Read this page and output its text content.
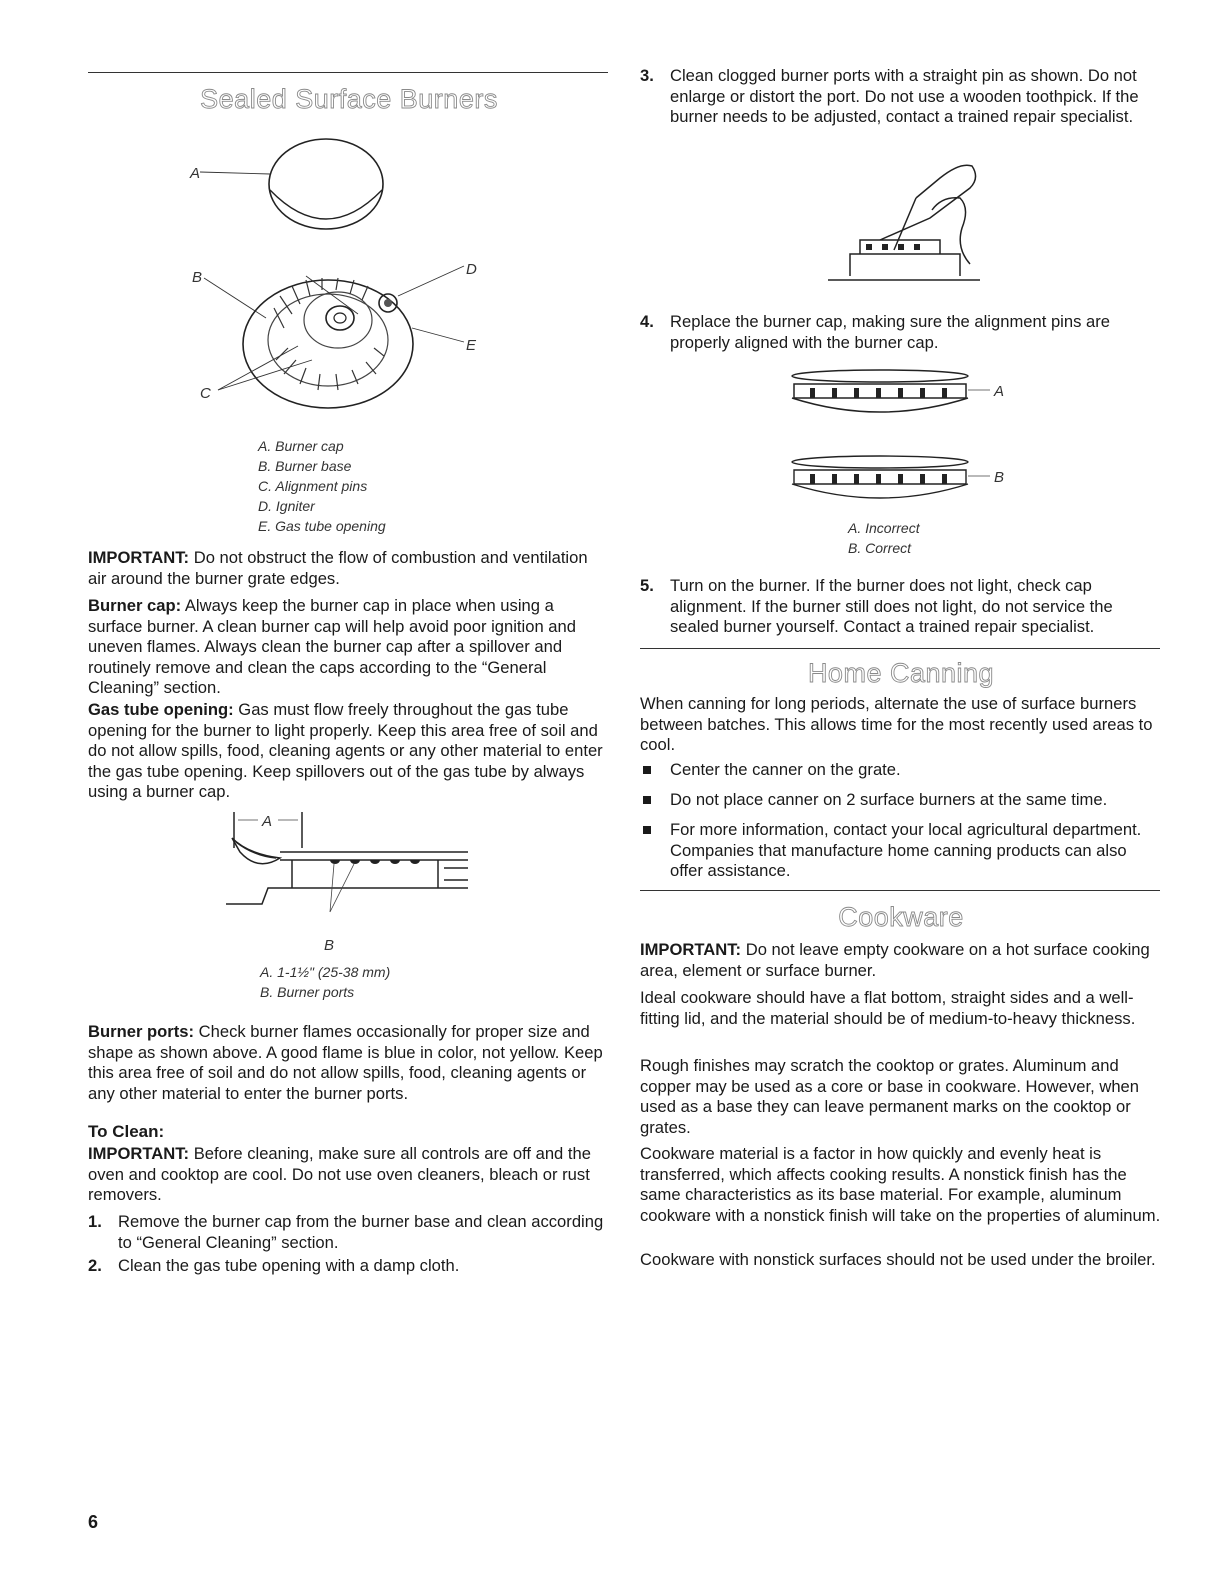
Sealed Surface Burners
A
B
C
D
E
A. Burner cap
B. Burner base
C. Alignment pins
D. Igniter
E. Gas tube opening

IMPORTANT: Do not obstruct the flow of combustion and ventilation air around the burner grate edges.

Burner cap: Always keep the burner cap in place when using a surface burner. A clean burner cap will help avoid poor ignition and uneven flames. Always clean the burner cap after a spillover and routinely remove and clean the caps according to the “General Cleaning” section.

Gas tube opening: Gas must flow freely throughout the gas tube opening for the burner to light properly. Keep this area free of soil and do not allow spills, food, cleaning agents or any other material to enter the gas tube opening. Keep spillovers out of the gas tube by always using a burner cap.

A
B
A. 1-1½" (25-38 mm)
B. Burner ports

Burner ports: Check burner flames occasionally for proper size and shape as shown above. A good flame is blue in color, not yellow. Keep this area free of soil and do not allow spills, food, cleaning agents or any other material to enter the burner ports.

To Clean:

IMPORTANT: Before cleaning, make sure all controls are off and the oven and cooktop are cool. Do not use oven cleaners, bleach or rust removers.

1. Remove the burner cap from the burner base and clean according to “General Cleaning” section.
2. Clean the gas tube opening with a damp cloth.
3. Clean clogged burner ports with a straight pin as shown. Do not enlarge or distort the port. Do not use a wooden toothpick. If the burner needs to be adjusted, contact a trained repair specialist.
4. Replace the burner cap, making sure the alignment pins are properly aligned with the burner cap.
A
B
A. Incorrect
B. Correct
5. Turn on the burner. If the burner does not light, check cap alignment. If the burner still does not light, do not service the sealed burner yourself. Contact a trained repair specialist.
Home Canning

When canning for long periods, alternate the use of surface burners between batches. This allows time for the most recently used areas to cool.

Center the canner on the grate.
Do not place canner on 2 surface burners at the same time.
For more information, contact your local agricultural department. Companies that manufacture home canning products can also offer assistance.
Cookware

IMPORTANT: Do not leave empty cookware on a hot surface cooking area, element or surface burner.

Ideal cookware should have a flat bottom, straight sides and a well-fitting lid, and the material should be of medium-to-heavy thickness.

Rough finishes may scratch the cooktop or grates. Aluminum and copper may be used as a core or base in cookware. However, when used as a base they can leave permanent marks on the cooktop or grates.

Cookware material is a factor in how quickly and evenly heat is transferred, which affects cooking results. A nonstick finish has the same characteristics as its base material. For example, aluminum cookware with a nonstick finish will take on the properties of aluminum.

Cookware with nonstick surfaces should not be used under the broiler.

6
